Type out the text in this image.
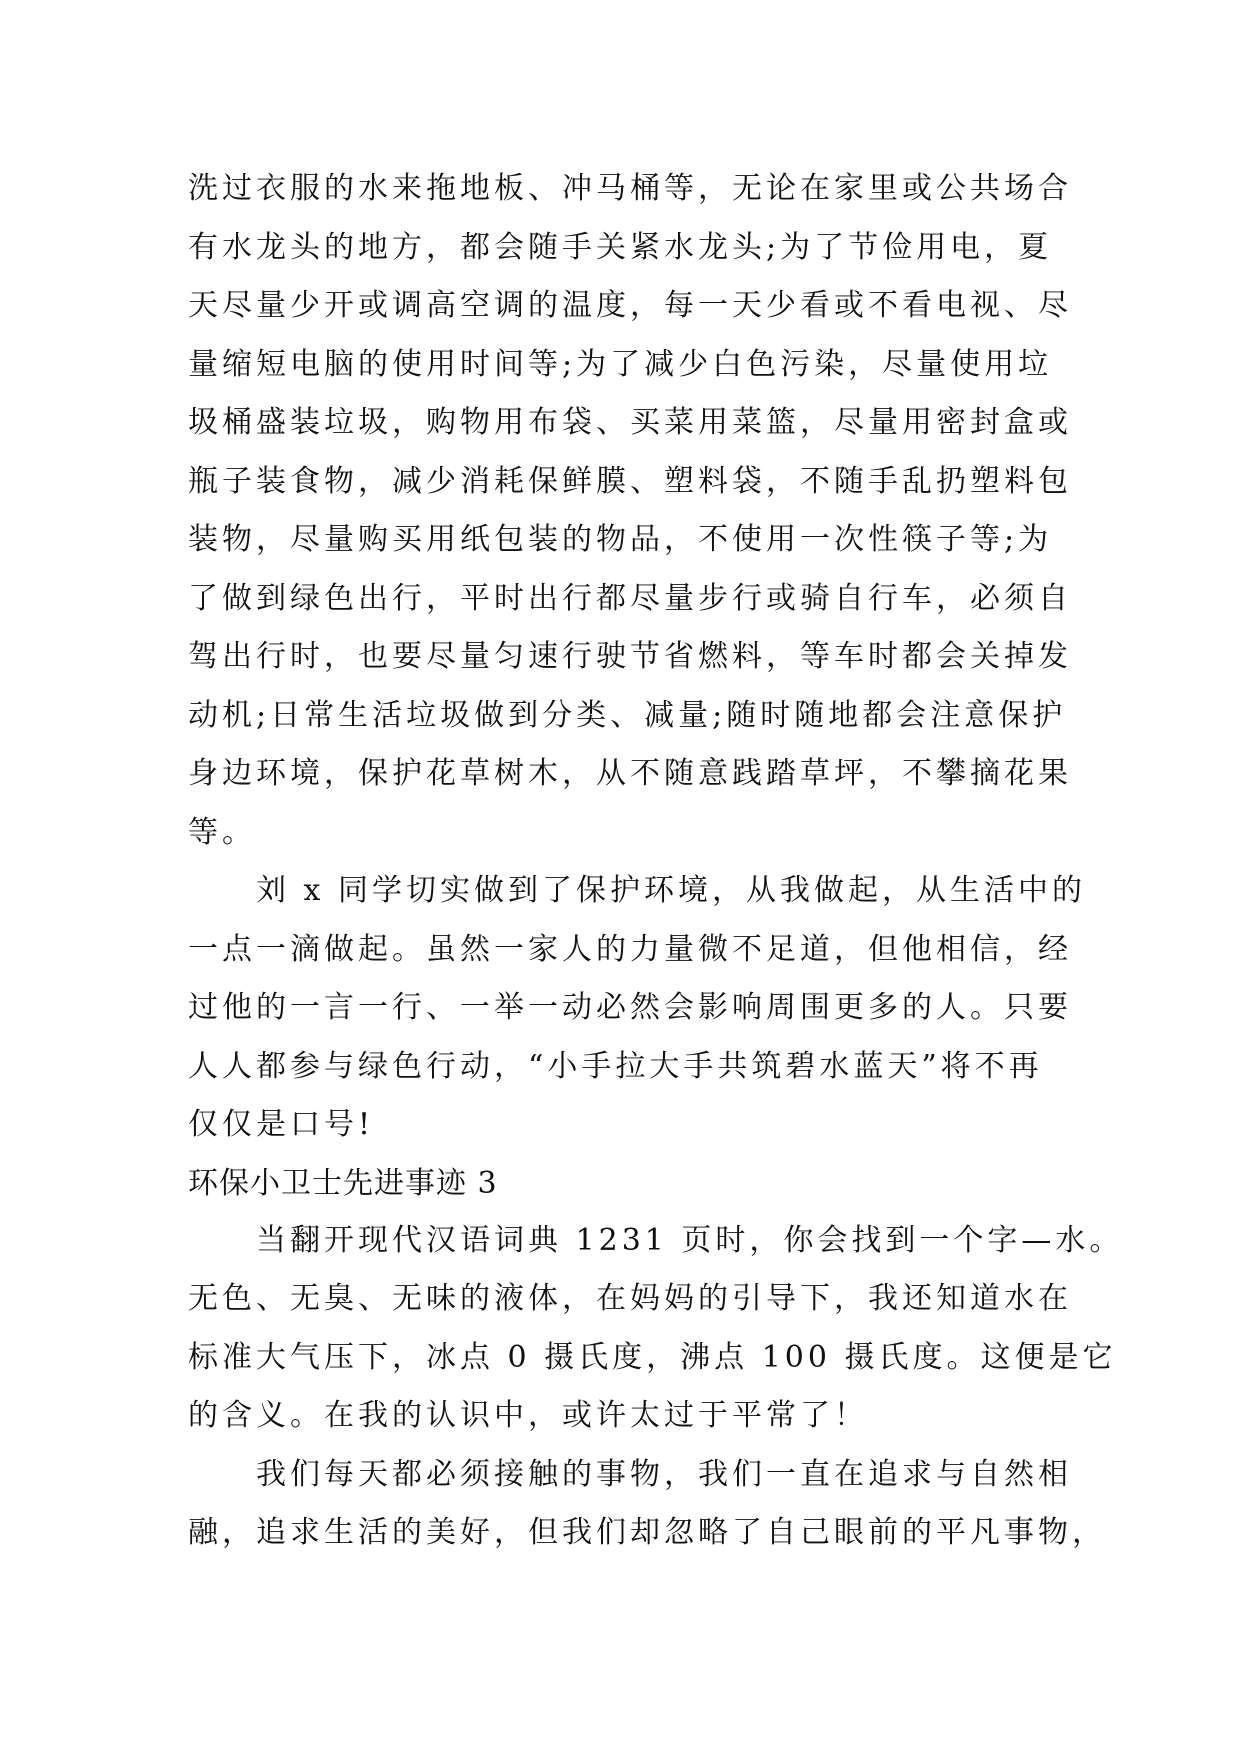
洗过衣服的水来拖地板、冲马桶等，无论在家里或公共场合
有水龙头的地方，都会随手关紧水龙头;为了节俭用电，夏
天尽量少开或调高空调的温度，每一天少看或不看电视、尽
量缩短电脑的使用时间等;为了减少白色污染，尽量使用垃
圾桶盛装垃圾，购物用布袋、买菜用菜篮，尽量用密封盒或
瓶子装食物，减少消耗保鲜膜、塑料袋，不随手乱扔塑料包
装物，尽量购买用纸包装的物品，不使用一次性筷子等;为
了做到绿色出行，平时出行都尽量步行或骑自行车，必须自
驾出行时，也要尽量匀速行驶节省燃料，等车时都会关掉发
动机;日常生活垃圾做到分类、减量;随时随地都会注意保护
身边环境，保护花草树木，从不随意践踏草坪，不攀摘花果
等。
　　刘 x 同学切实做到了保护环境，从我做起，从生活中的
一点一滴做起。虽然一家人的力量微不足道，但他相信，经
过他的一言一行、一举一动必然会影响周围更多的人。只要
人人都参与绿色行动，“小手拉大手共筑碧水蓝天”将不再
仅仅是口号!
环保小卫士先进事迹 3
　　当翻开现代汉语词典 1231 页时，你会找到一个字—水。
无色、无臭、无味的液体，在妈妈的引导下，我还知道水在
标准大气压下，冰点 0 摄氏度，沸点 100 摄氏度。这便是它
的含义。在我的认识中，或许太过于平常了！
　　我们每天都必须接触的事物，我们一直在追求与自然相
融，追求生活的美好，但我们却忽略了自己眼前的平凡事物，
